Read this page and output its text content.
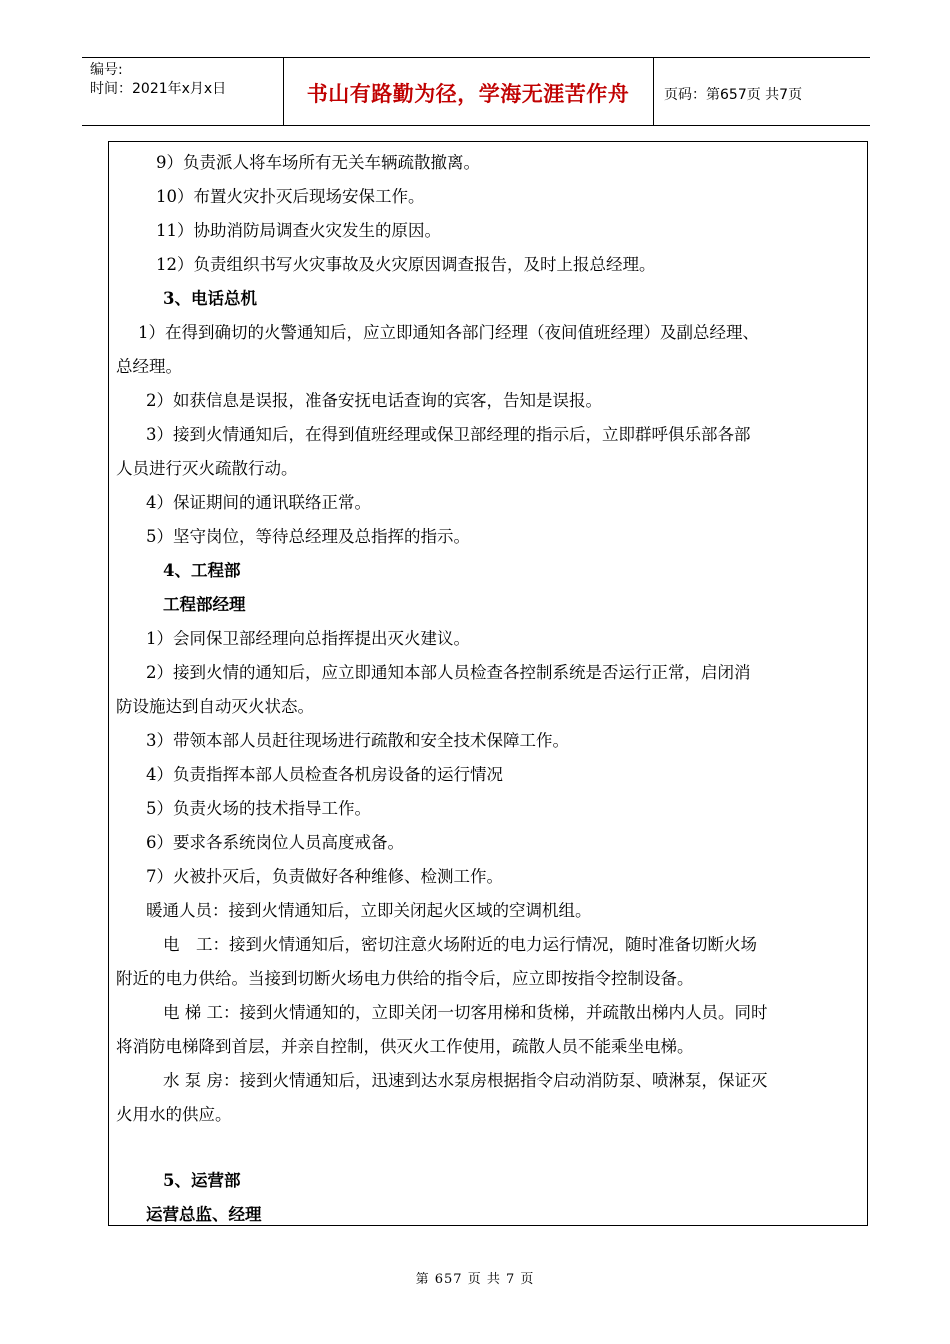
编号:
时间：2021年x月x日	书山有路勤为径，学海无涯苦作舟	页码：第657页 共7页

9）负责派人将车场所有无关车辆疏散撤离。

10）布置火灾扑灭后现场安保工作。

11）协助消防局调查火灾发生的原因。

12）负责组织书写火灾事故及火灾原因调查报告，及时上报总经理。

3、电话总机

1）在得到确切的火警通知后，应立即通知各部门经理（夜间值班经理）及副总经理、

总经理。

2）如获信息是误报，准备安抚电话查询的宾客，告知是误报。

3）接到火情通知后，在得到值班经理或保卫部经理的指示后，立即群呼俱乐部各部

人员进行灭火疏散行动。

4）保证期间的通讯联络正常。

5）坚守岗位，等待总经理及总指挥的指示。

4、工程部

工程部经理

1）会同保卫部经理向总指挥提出灭火建议。

2）接到火情的通知后，应立即通知本部人员检查各控制系统是否运行正常，启闭消

防设施达到自动灭火状态。

3）带领本部人员赶往现场进行疏散和安全技术保障工作。

4）负责指挥本部人员检查各机房设备的运行情况

5）负责火场的技术指导工作。

6）要求各系统岗位人员高度戒备。

7）火被扑灭后，负责做好各种维修、检测工作。

暖通人员：接到火情通知后，立即关闭起火区域的空调机组。

电　工：接到火情通知后，密切注意火场附近的电力运行情况，随时准备切断火场

附近的电力供给。当接到切断火场电力供给的指令后，应立即按指令控制设备。

电 梯 工：接到火情通知的，立即关闭一切客用梯和货梯，并疏散出梯内人员。同时

将消防电梯降到首层，并亲自控制，供灭火工作使用，疏散人员不能乘坐电梯。

水 泵 房：接到火情通知后，迅速到达水泵房根据指令启动消防泵、喷淋泵，保证灭

火用水的供应。

5、运营部

运营总监、经理

第 657 页 共 7 页
